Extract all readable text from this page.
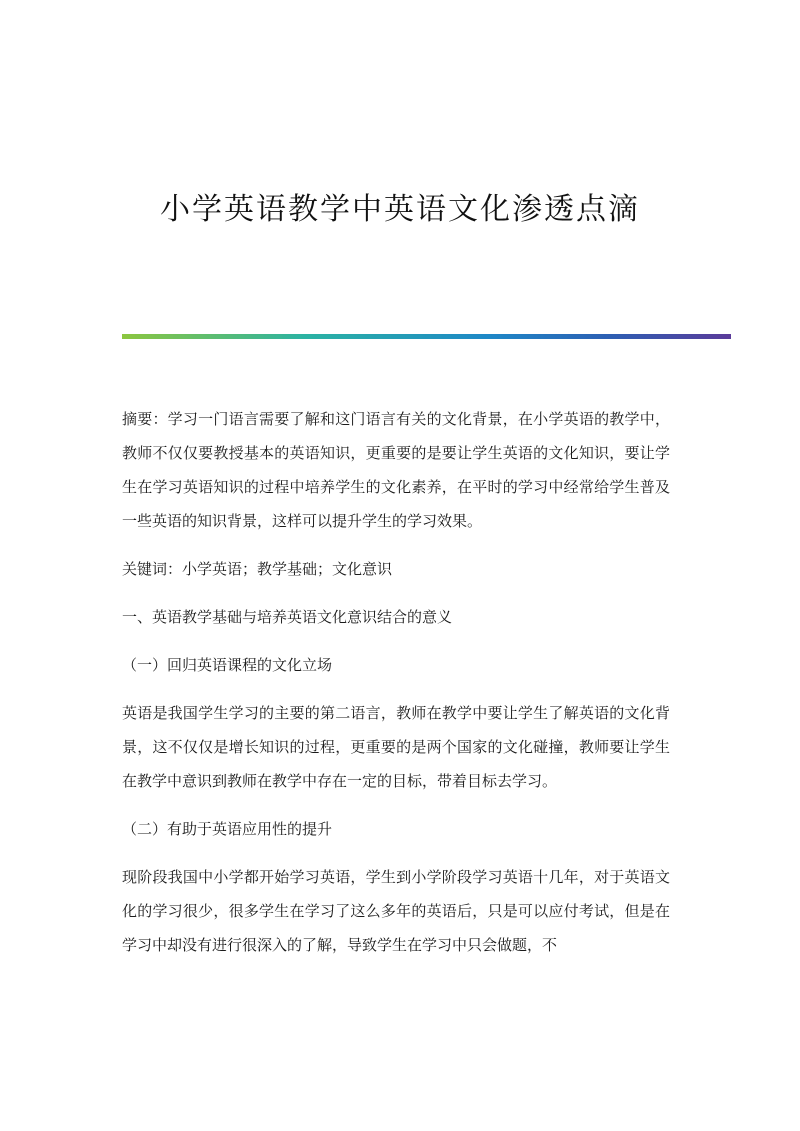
小学英语教学中英语文化渗透点滴

摘要：学习一门语言需要了解和这门语言有关的文化背景，在小学英语的教学中，教师不仅仅要教授基本的英语知识，更重要的是要让学生英语的文化知识，要让学生在学习英语知识的过程中培养学生的文化素养，在平时的学习中经常给学生普及一些英语的知识背景，这样可以提升学生的学习效果。

关键词：小学英语；教学基础；文化意识

一、英语教学基础与培养英语文化意识结合的意义

（一）回归英语课程的文化立场

英语是我国学生学习的主要的第二语言，教师在教学中要让学生了解英语的文化背景，这不仅仅是增长知识的过程，更重要的是两个国家的文化碰撞，教师要让学生在教学中意识到教师在教学中存在一定的目标，带着目标去学习。

（二）有助于英语应用性的提升

现阶段我国中小学都开始学习英语，学生到小学阶段学习英语十几年，对于英语文化的学习很少，很多学生在学习了这么多年的英语后，只是可以应付考试，但是在学习中却没有进行很深入的了解，导致学生在学习中只会做题，不
